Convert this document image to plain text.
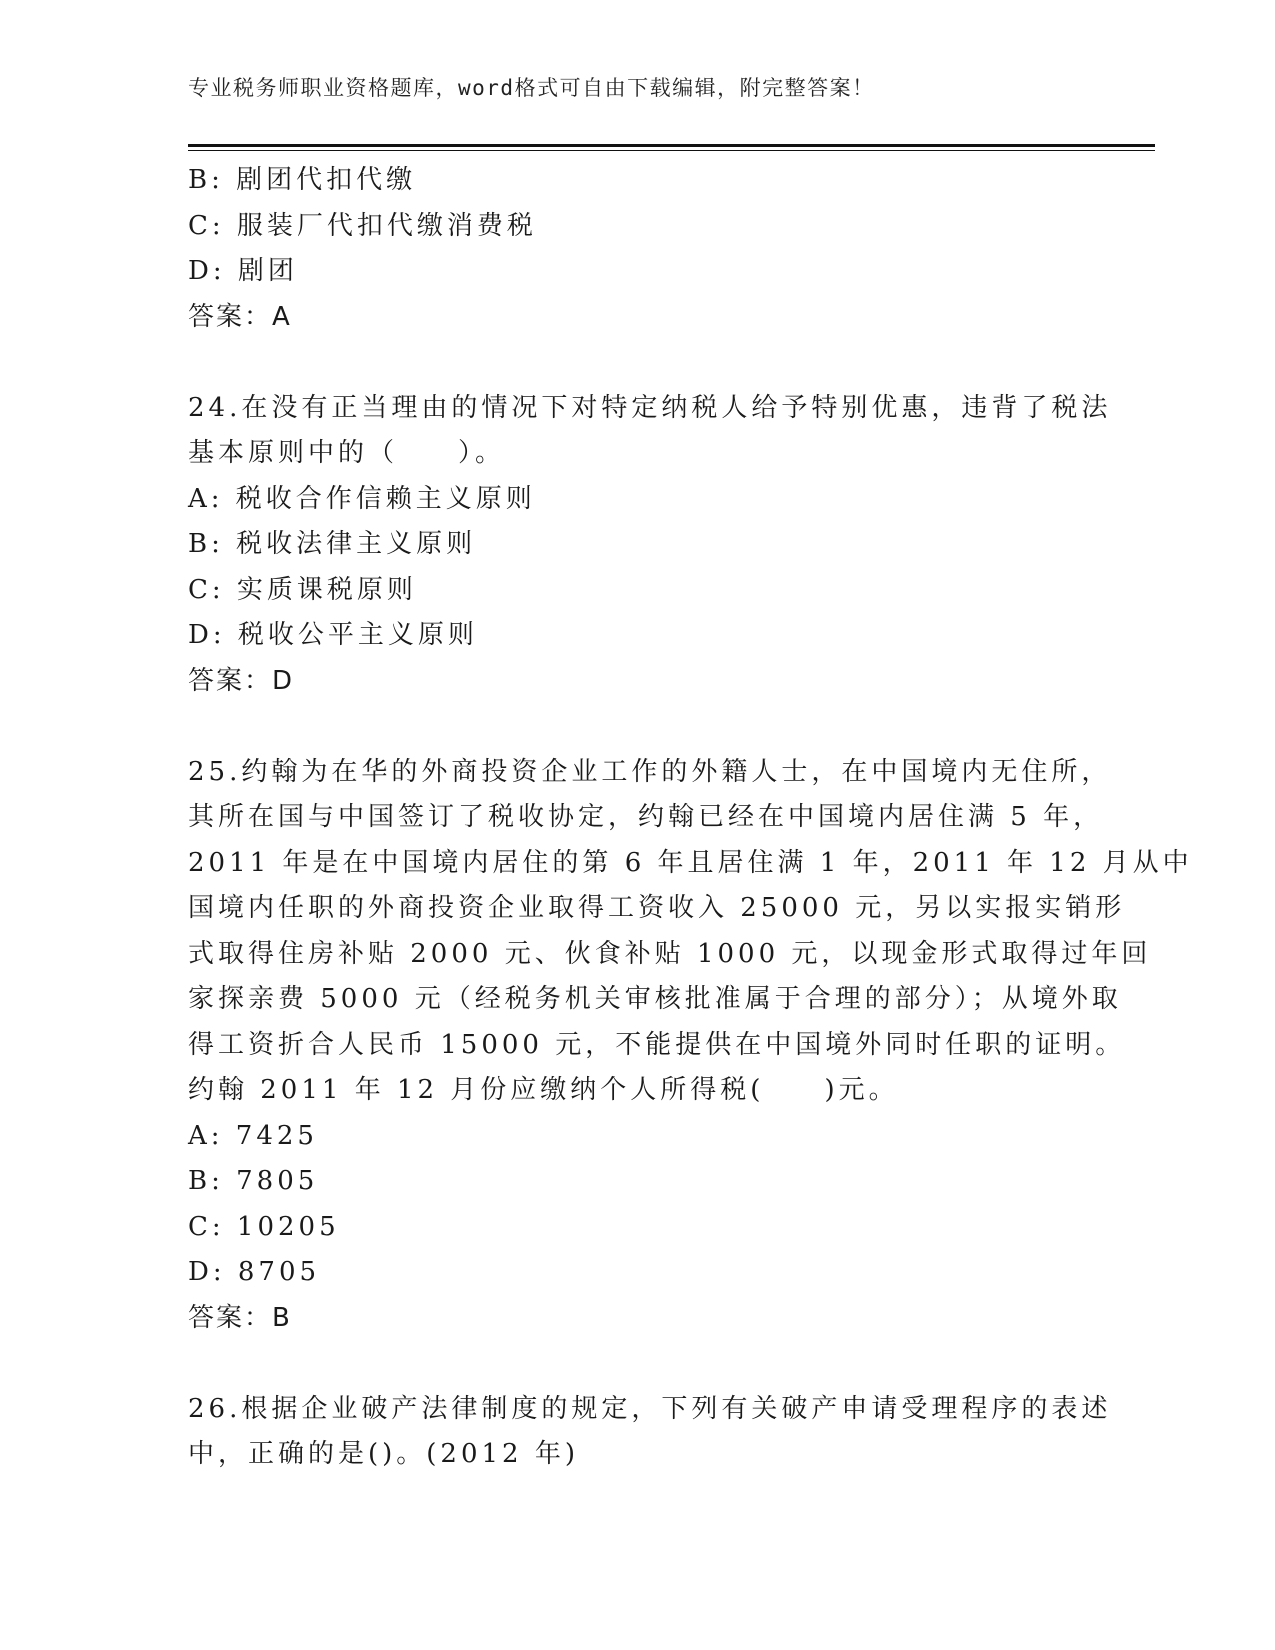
专业税务师职业资格题库，word格式可自由下载编辑，附完整答案！
B: 剧团代扣代缴
C: 服装厂代扣代缴消费税
D: 剧团
答案：A
24.在没有正当理由的情况下对特定纳税人给予特别优惠，违背了税法
基本原则中的（　　）。
A: 税收合作信赖主义原则
B: 税收法律主义原则
C: 实质课税原则
D: 税收公平主义原则
答案：D
25.约翰为在华的外商投资企业工作的外籍人士，在中国境内无住所，
其所在国与中国签订了税收协定，约翰已经在中国境内居住满 5 年，
2011 年是在中国境内居住的第 6 年且居住满 1 年，2011 年 12 月从中
国境内任职的外商投资企业取得工资收入 25000 元，另以实报实销形
式取得住房补贴 2000 元、伙食补贴 1000 元，以现金形式取得过年回
家探亲费 5000 元（经税务机关审核批准属于合理的部分）；从境外取
得工资折合人民币 15000 元，不能提供在中国境外同时任职的证明。
约翰 2011 年 12 月份应缴纳个人所得税(　　)元。
A: 7425
B: 7805
C: 10205
D: 8705
答案：B
26.根据企业破产法律制度的规定，下列有关破产申请受理程序的表述
中，正确的是()。(2012 年)
